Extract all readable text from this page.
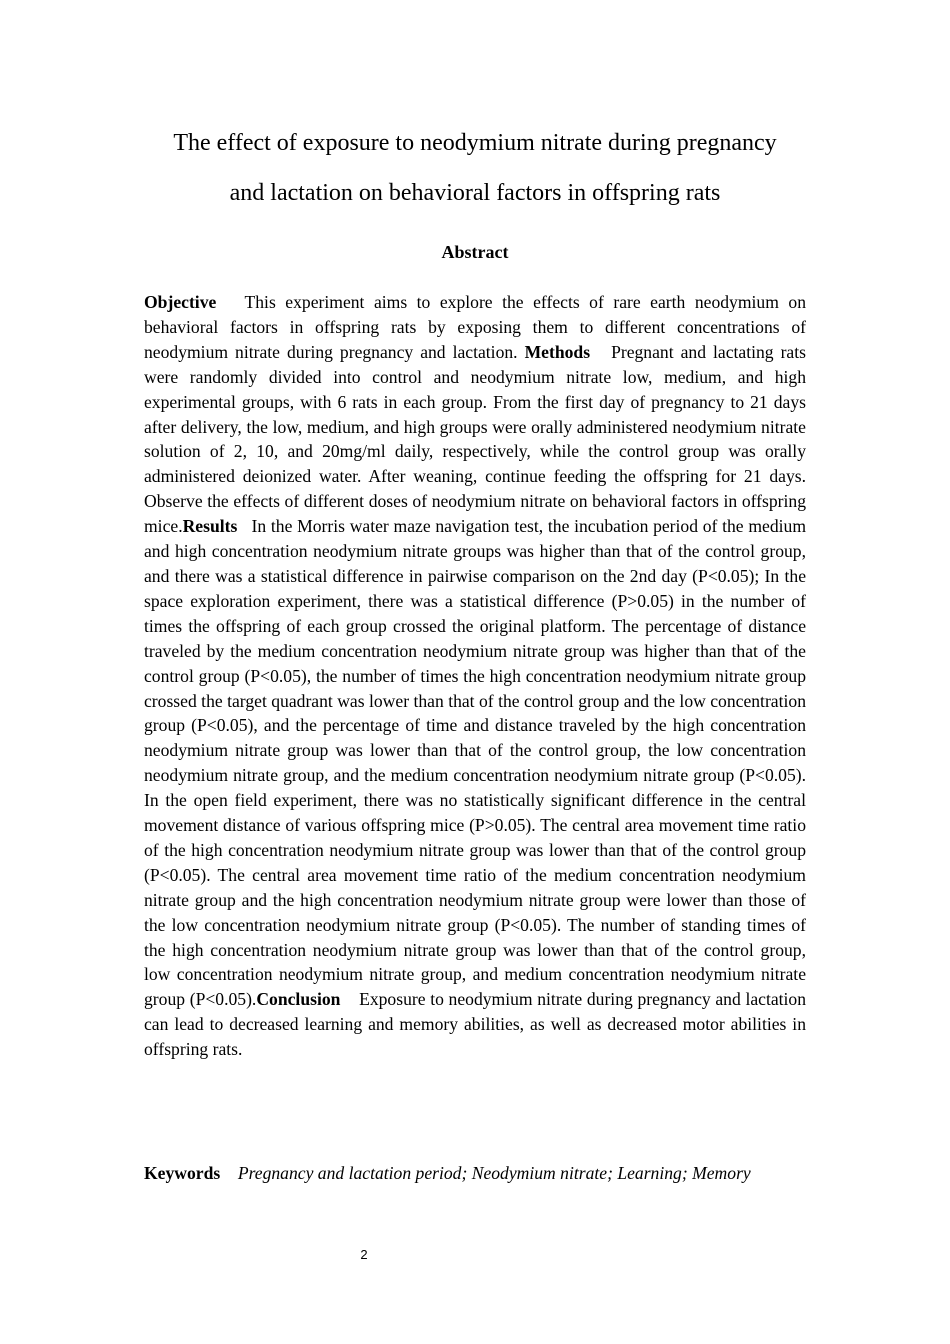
The effect of exposure to neodymium nitrate during pregnancy
and lactation on behavioral factors in offspring rats
Abstract

Objective This experiment aims to explore the effects of rare earth neodymium on behavioral factors in offspring rats by exposing them to different concentrations of neodymium nitrate during pregnancy and lactation. Methods Pregnant and lactating rats were randomly divided into control and neodymium nitrate low, medium, and high experimental groups, with 6 rats in each group. From the first day of pregnancy to 21 days after delivery, the low, medium, and high groups were orally administered neodymium nitrate solution of 2, 10, and 20mg/ml daily, respectively, while the control group was orally administered deionized water. After weaning, continue feeding the offspring for 21 days. Observe the effects of different doses of neodymium nitrate on behavioral factors in offspring mice.Results In the Morris water maze navigation test, the incubation period of the medium and high concentration neodymium nitrate groups was higher than that of the control group, and there was a statistical difference in pairwise comparison on the 2nd day (P<0.05); In the space exploration experiment, there was a statistical difference (P>0.05) in the number of times the offspring of each group crossed the original platform. The percentage of distance traveled by the medium concentration neodymium nitrate group was higher than that of the control group (P<0.05), the number of times the high concentration neodymium nitrate group crossed the target quadrant was lower than that of the control group and the low concentration group (P<0.05), and the percentage of time and distance traveled by the high concentration neodymium nitrate group was lower than that of the control group, the low concentration neodymium nitrate group, and the medium concentration neodymium nitrate group (P<0.05). In the open field experiment, there was no statistically significant difference in the central movement distance of various offspring mice (P>0.05). The central area movement time ratio of the high concentration neodymium nitrate group was lower than that of the control group (P<0.05). The central area movement time ratio of the medium concentration neodymium nitrate group and the high concentration neodymium nitrate group were lower than those of the low concentration neodymium nitrate group (P<0.05). The number of standing times of the high concentration neodymium nitrate group was lower than that of the control group, low concentration neodymium nitrate group, and medium concentration neodymium nitrate group (P<0.05).Conclusion Exposure to neodymium nitrate during pregnancy and lactation can lead to decreased learning and memory abilities, as well as decreased motor abilities in offspring rats.

Keywords Pregnancy and lactation period; Neodymium nitrate; Learning; Memory

2
